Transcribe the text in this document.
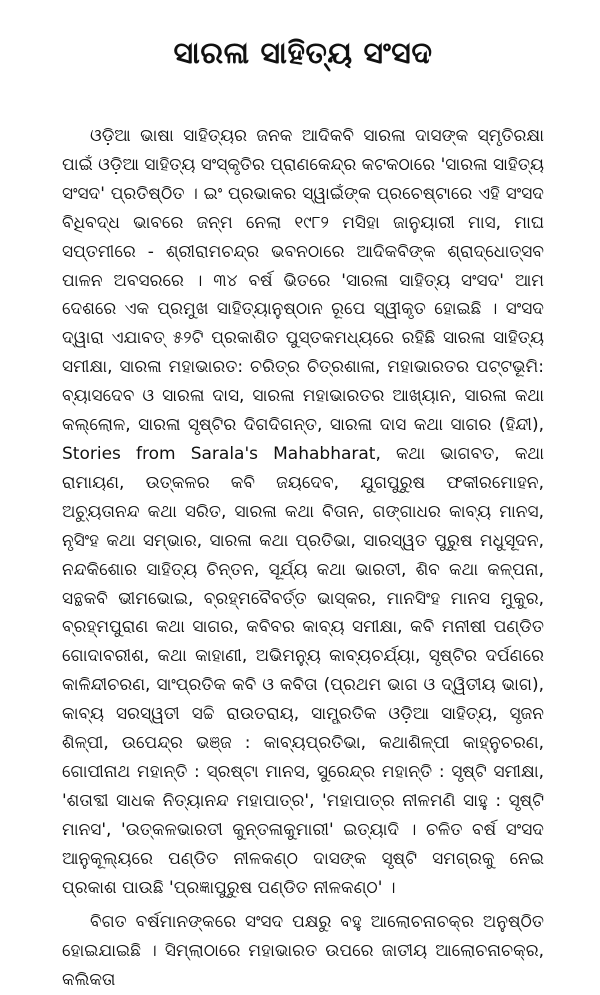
ସାରଳା ସାହିତ୍ୟ ସଂସଦ

ଓଡ଼ିଆ ଭାଷା ସାହିତ୍ୟର ଜନକ ଆଦିକବି ସାରଳା ଦାସଙ୍କ ସ୍ମୃତିରକ୍ଷା ପାଇଁ ଓଡ଼ିଆ ସାହିତ୍ୟ ସଂସ୍କୃତିର ପ୍ରାଣକେନ୍ଦ୍ର କଟକଠାରେ 'ସାରଳା ସାହିତ୍ୟ ସଂସଦ' ପ୍ରତିଷ୍ଠିତ । ଇଂ ପ୍ରଭାକର ସ୍ୱାଇଁଙ୍କ ପ୍ରଚେଷ୍ଟାରେ ଏହି ସଂସଦ ବିଧିବଦ୍ଧ ଭାବରେ ଜନ୍ମ ନେଲା ୧୯୮୨ ମସିହା ଜାନୁୟାରୀ ମାସ, ମାଘ ସପ୍ତମୀରେ - ଶ୍ରୀରାମଚନ୍ଦ୍ର ଭବନଠାରେ ଆଦିକବିଙ୍କ ଶ୍ରାଦ୍ଧୋତ୍ସବ ପାଳନ ଅବସରରେ । ୩୪ ବର୍ଷ ଭିତରେ 'ସାରଳା ସାହିତ୍ୟ ସଂସଦ' ଆମ ଦେଶରେ ଏକ ପ୍ରମୁଖ ସାହିତ୍ୟାନୁଷ୍ଠାନ ରୂପେ ସ୍ୱୀକୃତ ହୋଇଛି । ସଂସଦ ଦ୍ୱାରା ଏଯାବତ୍ ୫୨ଟି ପ୍ରକାଶିତ ପୁସ୍ତକମଧ୍ୟରେ ରହିଛି ସାରଳା ସାହିତ୍ୟ ସମୀକ୍ଷା, ସାରଳା ମହାଭାରତ: ଚରିତ୍ର ଚିତ୍ରଶାଳା, ମହାଭାରତର ପଟ୍ଟଭୂମି: ବ୍ୟାସଦେବ ଓ ସାରଳା ଦାସ, ସାରଳା ମହାଭାରତର ଆଖ୍ୟାନ, ସାରଳା କଥା କଲ୍ଲୋଳ, ସାରଳା ସୃଷ୍ଟିର ଦିଗଦିଗନ୍ତ, ସାରଳା ଦାସ କଥା ସାଗର (ହିନ୍ଦୀ), Stories from Sarala's Mahabharat, କଥା ଭାଗବତ, କଥା ରାମାୟଣ, ଉତ୍କଳର କବି ଜୟଦେବ, ଯୁଗପୁରୁଷ ଫକୀରମୋହନ, ଅଚ୍ୟୁତାନନ୍ଦ କଥା ସରିତ, ସାରଳା କଥା ବିତାନ, ଗଙ୍ଗାଧର କାବ୍ୟ ମାନସ, ନୃସିଂହ କଥା ସମ୍ଭାର, ସାରଳା କଥା ପ୍ରତିଭା, ସାରସ୍ୱତ ପୁରୁଷ ମଧୁସୂଦନ, ନନ୍ଦକିଶୋର ସାହିତ୍ୟ ଚିନ୍ତନ, ସୂର୍ଯ୍ୟ କଥା ଭାରତୀ, ଶିବ କଥା କଳ୍ପନା, ସନ୍ଥକବି ଭୀମଭୋଇ, ବ୍ରହ୍ମବୈବର୍ତ୍ତ ଭାସ୍କର, ମାନସିଂହ ମାନସ ମୁକୁର, ବ୍ରହ୍ମପୁରାଣ କଥା ସାଗର, କବିବର କାବ୍ୟ ସମୀକ୍ଷା, କବି ମନୀଷୀ ପଣ୍ଡିତ ଗୋଦାବରୀଶ, କଥା କାହାଣୀ, ଅଭିମନ୍ୟୁ କାବ୍ୟଚର୍ଯ୍ୟା, ସୃଷ୍ଟିର ଦର୍ପଣରେ କାଳିନ୍ଦୀଚରଣ, ସାଂପ୍ରତିକ କବି ଓ କବିତା (ପ୍ରଥମ ଭାଗ ଓ ଦ୍ୱିତୀୟ ଭାଗ), କାବ୍ୟ ସରସ୍ୱତୀ ସଚ୍ଚି ରାଉତରାୟ, ସାମ୍ପ୍ରତିକ ଓଡ଼ିଆ ସାହିତ୍ୟ, ସୃଜନ ଶିଳ୍ପୀ, ଉପେନ୍ଦ୍ର ଭଞ୍ଜ : କାବ୍ୟପ୍ରତିଭା, କଥାଶିଳ୍ପୀ କାହ୍ନୁଚରଣ, ଗୋପୀନାଥ ମହାନ୍ତି : ସ୍ରଷ୍ଟା ମାନସ, ସୁରେନ୍ଦ୍ର ମହାନ୍ତି : ସୃଷ୍ଟି ସମୀକ୍ଷା, 'ଶତାବ୍ଦୀ ସାଧକ ନିତ୍ୟାନନ୍ଦ ମହାପାତ୍ର', 'ମହାପାତ୍ର ନୀଳମଣି ସାହୁ : ସୃଷ୍ଟି ମାନସ', 'ଉତ୍କଳଭାରତୀ କୁନ୍ତଳାକୁମାରୀ' ଇତ୍ୟାଦି । ଚଳିତ ବର୍ଷ ସଂସଦ ଆନୁକୂଲ୍ୟରେ ପଣ୍ଡିତ ନୀଳକଣ୍ଠ ଦାସଙ୍କ ସୃଷ୍ଟି ସମଗ୍ରକୁ ନେଇ ପ୍ରକାଶ ପାଉଛି 'ପ୍ରଜ୍ଞାପୁରୁଷ ପଣ୍ଡିତ ନୀଳକଣ୍ଠ' ।

ବିଗତ ବର୍ଷମାନଙ୍କରେ ସଂସଦ ପକ୍ଷରୁ ବହୁ ଆଲୋଚନାଚକ୍ର ଅନୁଷ୍ଠିତ ହୋଇଯାଇଛି । ସିମ୍ଲାଠାରେ ମହାଭାରତ ଉପରେ ଜାତୀୟ ଆଲୋଚନାଚକ୍ର, କଲିକତା
